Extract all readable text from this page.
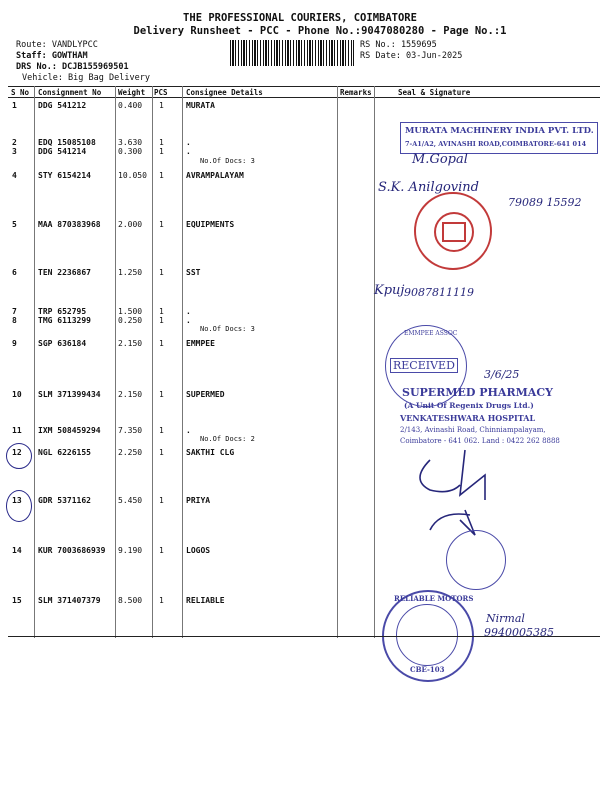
THE PROFESSIONAL COURIERS, COIMBATORE
Delivery Runsheet - PCC - Phone No.:9047080280 - Page No.:1
Route: VANDLYPCC
Staff: GOWTHAM
DRS No.: DCJB155969501
Vehicle: Big Bag Delivery
RS No.: 1559695
RS Date: 03-Jun-2025
S No Consignment No Weight PCS Consignee Details	Remarks	Seal & Signature
1	DDG 541212	0.400 1	MURATA
2	EDQ 15085108	3.630 1	.
3	DDG 541214	0.300 1	.
4	STY 6154214	10.050 1	AVRAMPALAYAM
5	MAA 870383968 2.000 1	EQUIPMENTS
6	TEN 2236867	1.250 1	SST
7	TRP 652795	1.500 1	.
8	TMG 6113299	0.250 1	.
9	SGP 636184	2.150 1	EMMPEE
10 SLM 371399434 2.150 1	SUPERMED
11 IXM 508459294 7.350 1	.
12 NGL 6226155	2.250 1	SAKTHI CLG
13 GDR 5371162	5.450 1	PRIYA
14 KUR 7003686939 9.190 1	LOGOS
15 SLM 371407379 8.500 1	RELIABLE
No.Of Docs: 3
No.Of Docs: 3
No.Of Docs: 2
MURATA MACHINERY INDIA PVT. LTD.
7-A1/A2, AVINASHI ROAD,COIMBATORE-641 014
M.Gopal
S.K. Anilgovind
79089 15592
Kpuj 9087811119
EMMPEE ASSOC
RECEIVED
3/6/25
SUPERMED PHARMACY
(A Unit Of Regenix Drugs Ltd.)
VENKATESHWARA HOSPITAL
2/143, Avinashi Road, Chinniampalayam,
Coimbatore - 641 062. Land : 0422 262 8888
RELIABLE MOTORS
CBE-103
Nirmal
9940005385
